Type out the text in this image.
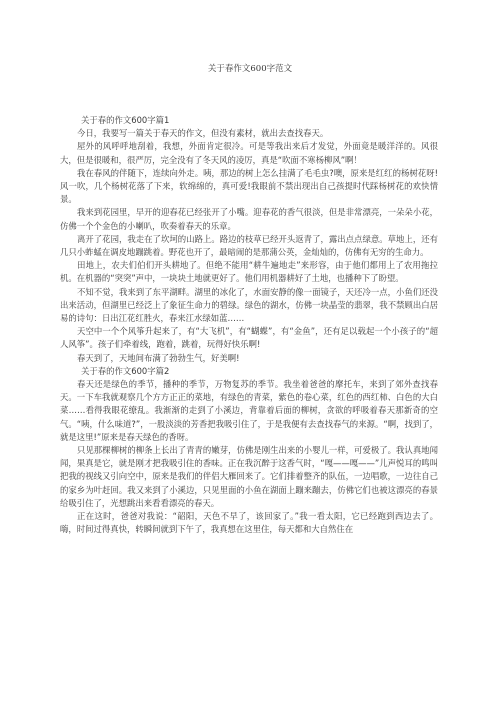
关于春作文600字范文

关于春的作文600字篇1

今日，我要写一篇关于春天的作文，但没有素材，就出去查找春天。

屋外的风呼呼地刮着，我想，外面肯定很冷。可是等我出来后才发觉，外面竟是暖洋洋的。风很大，但是很暖和，很严厉，完全没有了冬天风的凌厉，真是“吹面不寒杨柳风”啊！

我在春风的伴随下，连续向外走。咦，那边的树上怎么挂满了毛毛虫?噢，原来是红红的杨树花呀!风一吹，几个杨树花落了下来，软绵绵的，真可爱!我眼前不禁出现出自己孩提时代踩杨树花的欢快情景。

我来到花园里，早开的迎春花已经张开了小嘴。迎春花的香气很淡，但是非常漂亮，一朵朵小花，仿佛一个个金色的小喇叭，吹奏着春天的乐章。

离开了花园，我走在了坎坷的山路上。路边的枝草已经开头返青了，露出点点绿意。草地上，还有几只小蚱蜢在调皮地蹦跳着。野花也开了，最暗闹的是那蒲公英，金灿灿的，仿佛有无穷的生命力。

田地上，农夫们伯们开头耕地了。但绝不能用“耕牛遍地走”来形容，由于他们都用上了农用拖拉机。在机器的“突突”声中，一块块土地就更好了。他们用机器耕好了土地，也播种下了盼望。

不知不觉，我来到了东平湖畔。湖里的冰化了，水面安静的像一面镜子，天还冷一点，小鱼们还没出来活动，但湖里已经泛上了象征生命力的碧绿。绿色的湖水，仿佛一块晶莹的翡翠，我不禁顾出白居易的诗句：日出江花红胜火，春来江水绿如蓝……

天空中一个个风筝升起来了，有“大飞机”，有“蝴蝶”，有“金鱼”，还有足以载起一个小孩子的“超人风筝”。孩子们牵着线，跑着，跳着，玩得好快乐啊!

春天到了，天地间布满了勃勃生气，好美啊!

关于春的作文600字篇2

春天还是绿色的季节，播种的季节，万物复苏的季节。我坐着爸爸的摩托车，来到了郊外查找春天。一下车我就观察几个方方正正的菜地，有绿色的青菜，紫色的卷心菜，红色的西红柿、白色的大白菜……看得我眼花缭乱。我渐渐的走到了小溪边，背靠着后面的柳树，贪欲的呼吸着春天那新奇的空气。“咦，什么味道?”，一股淡淡的芳香把我吸引住了，于是我便有去查找春气的来源。“啊，找到了，就是这里!”原来是春天绿色的香呀。

只见那棵柳树的柳条上长出了青青的嫩芽，仿佛是刚生出来的小婴儿一样，可爱极了。我认真地闻闻，果真是它，就是刚才把我吸引住的香味。正在我沉醉于这香气时，“嘎——嘎——”儿声悦耳的鸣叫把我的视线又引向空中，原来是我们的伴侣大雁回来了。它们排着整齐的队伍，一边唱歌，一边往自己的家乡为叶赶回。我又来到了小溪边，只见里面的小鱼在湖面上蹦来蹦去，仿佛它们也被这漂亮的春景给吸引住了，光想跳出来看看漂亮的春天。

正在这时，爸爸对我说：“韶阳，天色不早了，该回家了。”我一看太阳，它已经跑到西边去了。嗨，时间过得真快，转瞬间就到下午了，我真想在这里住，每天都和大自然住在
